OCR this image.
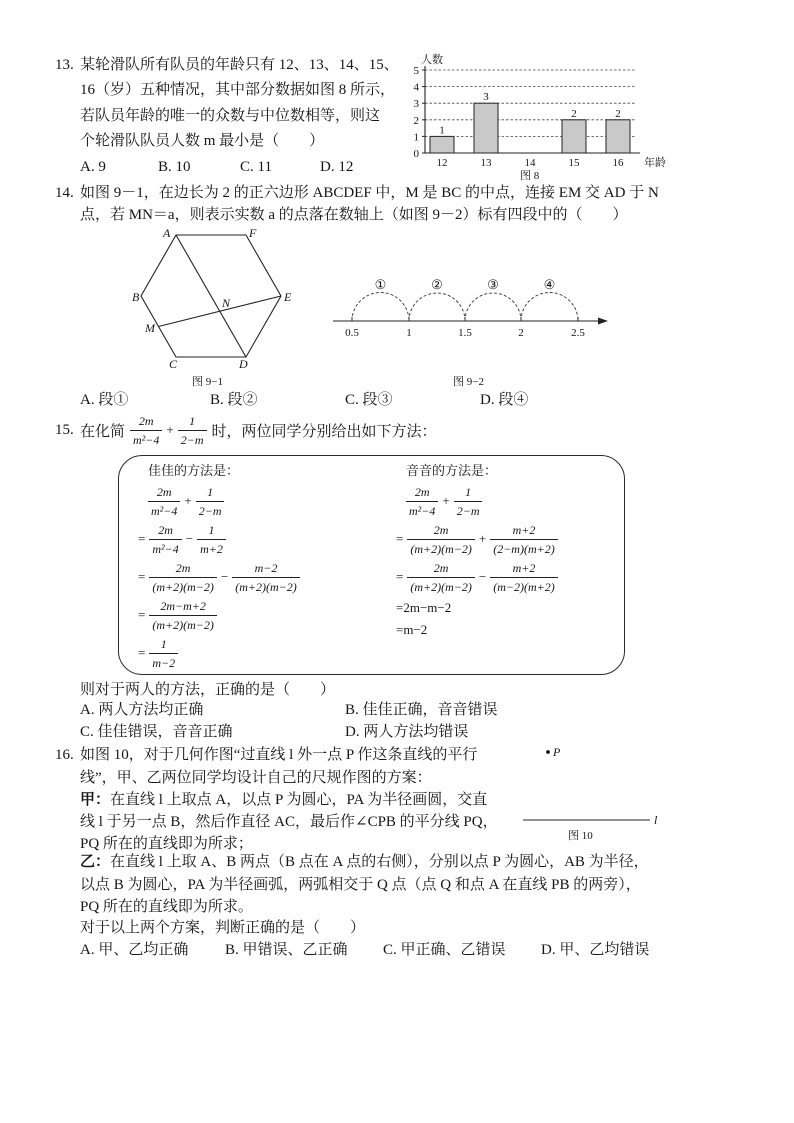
13. 某轮滑队所有队员的年龄只有 12、13、14、15、
16（岁）五种情况，其中部分数据如图 8 所示，
若队员年龄的唯一的众数与中位数相等，则这
个轮滑队队员人数 m 最小是（　　）
A. 9	B. 10	C. 11	D. 12
0
1
2
3
4
5
1
12
3
13	14
2
15
2
16
人数
年龄
图 8
14. 如图 9－1，在边长为 2 的正六边形 ABCDEF 中，M 是 BC 的中点，连接 EM 交 AD 于 N
点，若 MN＝a，则表示实数 a 的点落在数轴上（如图 9－2）标有四段中的（　　）
A	F
E
D
C
B
M
N
图 9−1
0.5	1	1.5	2	2.5
①	②	③	④
图 9−2
A. 段①	B. 段②	C. 段③	D. 段④
15. 在化简 $\frac{2m}{\text{m²−4}} + \frac{1}{2-m}$ 时，两位同学分别给出如下方法：
佳佳的方法是：
$\frac{2m}{\text{m²−4}} + \frac{1}{2-m}$
= $\frac{2m}{\text{m²−4}} - \frac{1}{m+2}$
= $\frac{2m}{(m+2)(m-2)} - \frac{m-2}{(m+2)(m-2)}$
= $\frac{2m-m+2}{(m+2)(m-2)}$
= $\frac{1}{m-2}$
音音的方法是：
$\frac{2m}{\text{m²−4}} + \frac{1}{2-m}$
= $\frac{2m}{(m+2)(m-2)} + \frac{m+2}{(2-m)(m+2)}$
= $\frac{2m}{(m+2)(m-2)} - \frac{m+2}{(m-2)(m+2)}$
=2m−m−2
=m−2
则对于两人的方法，正确的是（　　）
A. 两人方法均正确	B. 佳佳正确，音音错误
C. 佳佳错误，音音正确	D. 两人方法均错误
16. 如图 10，对于几何作图“过直线 l 外一点 P 作这条直线的平行
线”，甲、乙两位同学均设计自己的尺规作图的方案：
甲：在直线 l 上取点 A，以点 P 为圆心，PA 为半径画圆，交直
线 l 于另一点 B，然后作直径 AC，最后作∠CPB 的平分线 PQ，
PQ 所在的直线即为所求；
乙：在直线 l 上取 A、B 两点（B 点在 A 点的右侧），分别以点 P 为圆心，AB 为半径，
以点 B 为圆心，PA 为半径画弧，两弧相交于 Q 点（点 Q 和点 A 在直线 PB 的两旁），
PQ 所在的直线即为所求。
对于以上两个方案，判断正确的是（　　）
A. 甲、乙均正确 B. 甲错误、乙正确 C. 甲正确、乙错误 D. 甲、乙均错误
P
l
图 10
